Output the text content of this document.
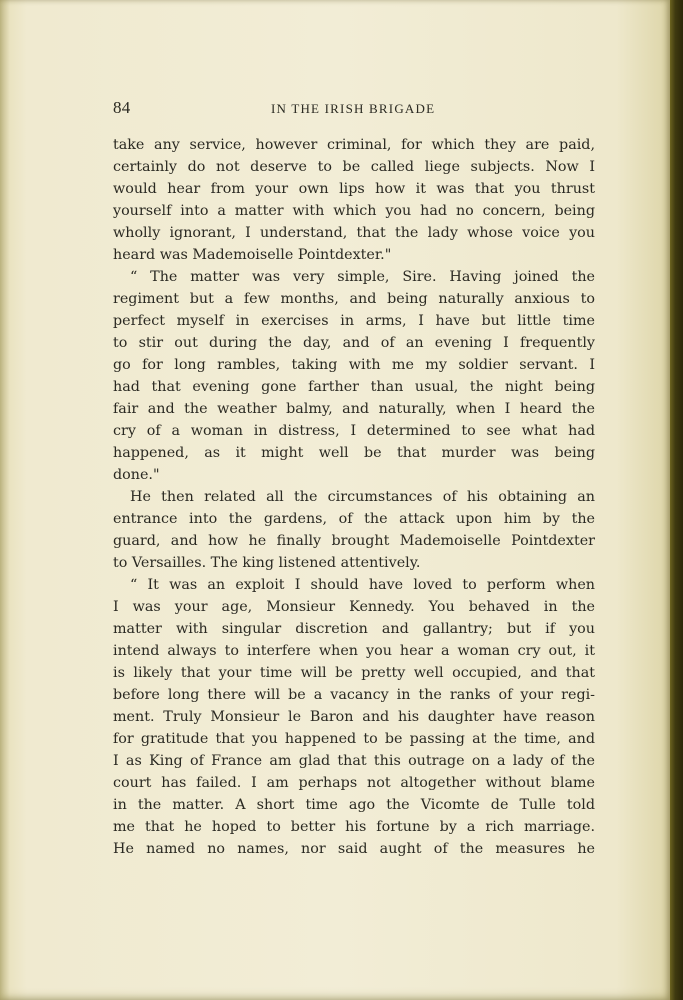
84	IN THE IRISH BRIGADE
take any service, however criminal, for which they are paid,
certainly do not deserve to be called liege subjects. Now I
would hear from your own lips how it was that you thrust
yourself into a matter with which you had no concern, being
wholly ignorant, I understand, that the lady whose voice you
heard was Mademoiselle Pointdexter."
“ The matter was very simple, Sire. Having joined the
regiment but a few months, and being naturally anxious to
perfect myself in exercises in arms, I have but little time
to stir out during the day, and of an evening I frequently
go for long rambles, taking with me my soldier servant. I
had that evening gone farther than usual, the night being
fair and the weather balmy, and naturally, when I heard the
cry of a woman in distress, I determined to see what had
happened, as it might well be that murder was being
done."
He then related all the circumstances of his obtaining an
entrance into the gardens, of the attack upon him by the
guard, and how he finally brought Mademoiselle Pointdexter
to Versailles. The king listened attentively.
“ It was an exploit I should have loved to perform when
I was your age, Monsieur Kennedy. You behaved in the
matter with singular discretion and gallantry; but if you
intend always to interfere when you hear a woman cry out, it
is likely that your time will be pretty well occupied, and that
before long there will be a vacancy in the ranks of your regi-
ment. Truly Monsieur le Baron and his daughter have reason
for gratitude that you happened to be passing at the time, and
I as King of France am glad that this outrage on a lady of the
court has failed. I am perhaps not altogether without blame
in the matter. A short time ago the Vicomte de Tulle told
me that he hoped to better his fortune by a rich marriage.
He named no names, nor said aught of the measures he
